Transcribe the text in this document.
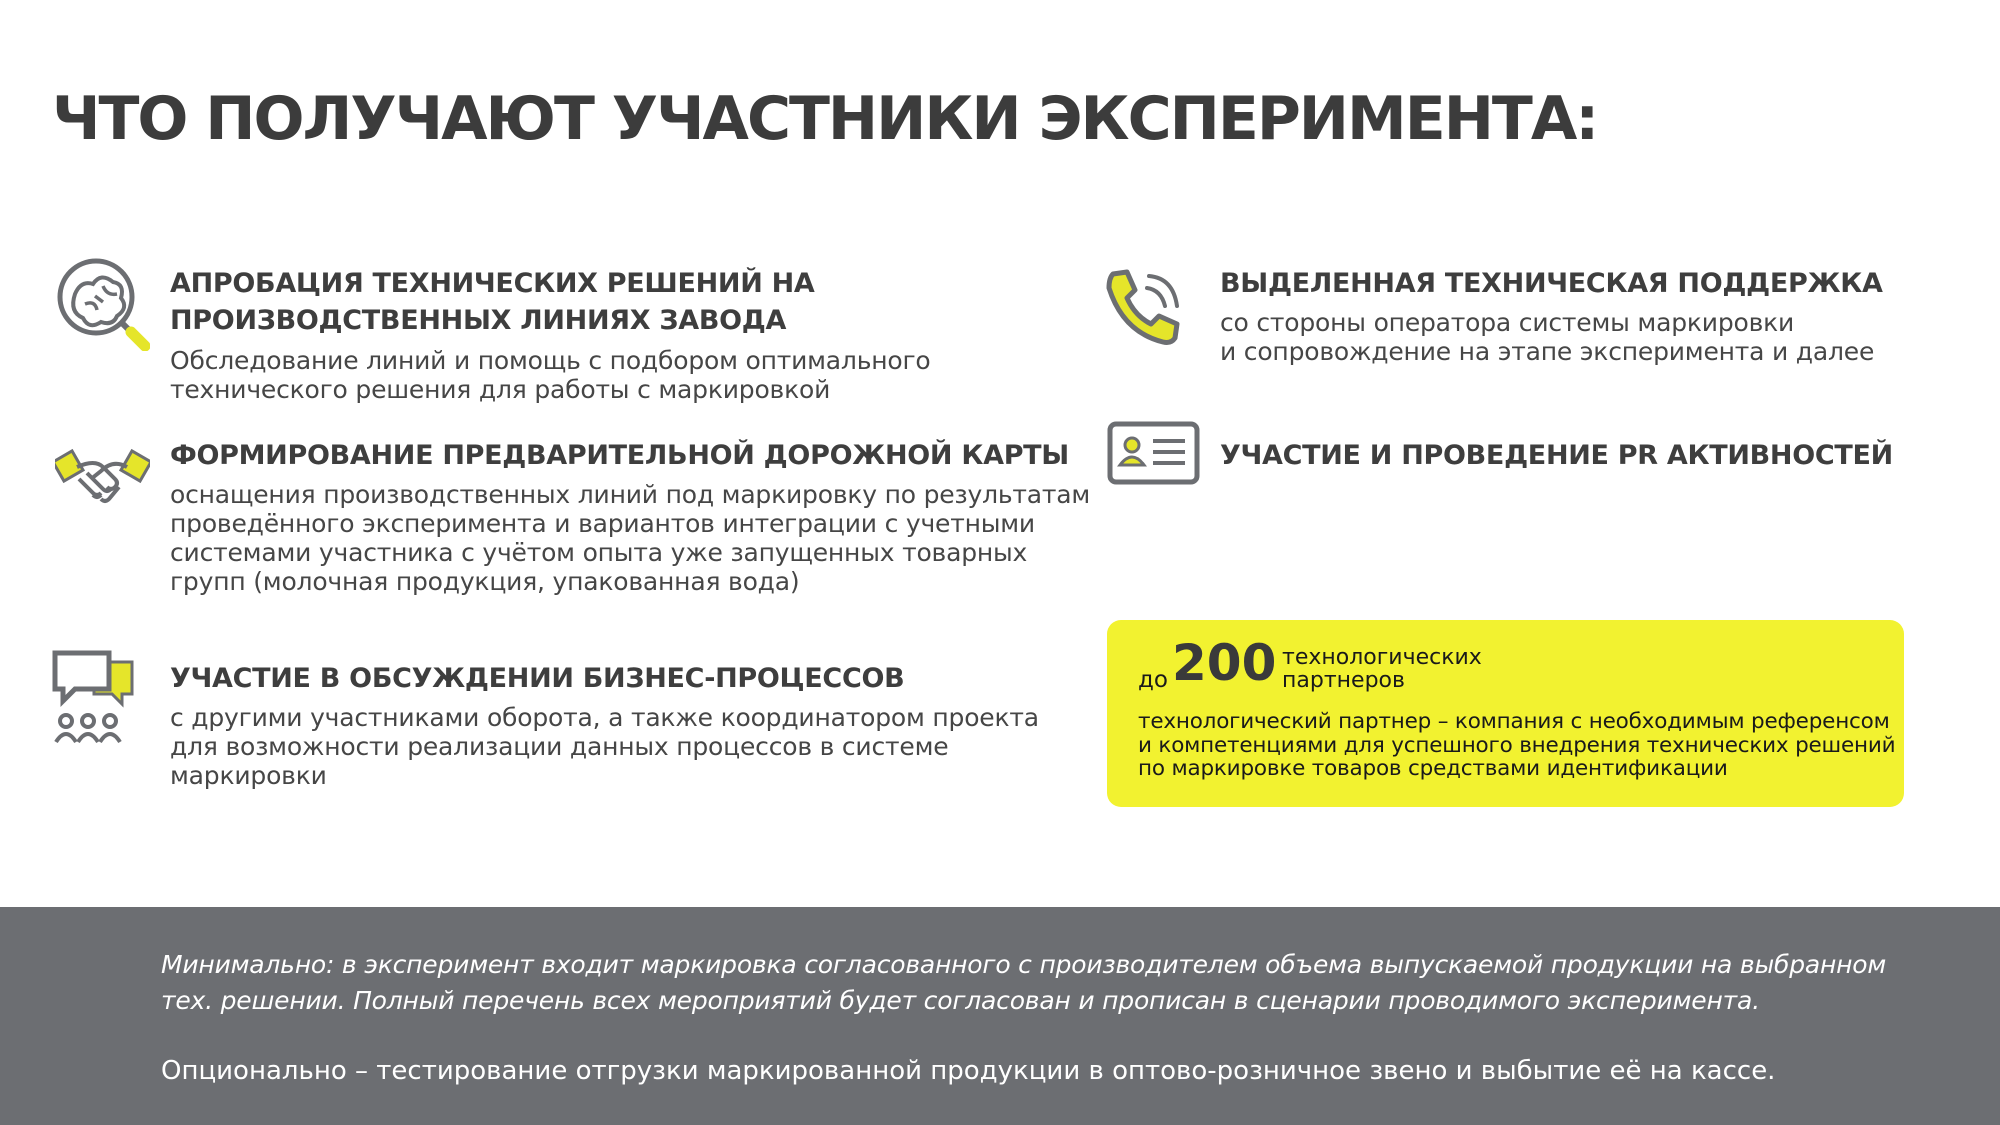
ЧТО ПОЛУЧАЮТ УЧАСТНИКИ ЭКСПЕРИМЕНТА:

АПРОБАЦИЯ ТЕХНИЧЕСКИХ РЕШЕНИЙ НА

ПРОИЗВОДСТВЕННЫХ ЛИНИЯХ ЗАВОДА

Обследование линий и помощь с подбором оптимального

технического решения для работы с маркировкой

ФОРМИРОВАНИЕ ПРЕДВАРИТЕЛЬНОЙ ДОРОЖНОЙ КАРТЫ

оснащения производственных линий под маркировку по результатам

проведённого эксперимента и вариантов интеграции с учетными

системами участника с учётом опыта уже запущенных товарных

групп (молочная продукция, упакованная вода)

УЧАСТИЕ В ОБСУЖДЕНИИ БИЗНЕС-ПРОЦЕССОВ

с другими участниками оборота, а также координатором проекта

для возможности реализации данных процессов в системе

маркировки

ВЫДЕЛЕННАЯ ТЕХНИЧЕСКАЯ ПОДДЕРЖКА

со стороны оператора системы маркировки

и сопровождение на этапе эксперимента и далее

УЧАСТИЕ И ПРОВЕДЕНИЕ PR АКТИВНОСТЕЙ

до 200 технологических
партнеров
технологический партнер – компания с необходимым референсом
и компетенциями для успешного внедрения технических решений
по маркировке товаров средствами идентификации
Минимально: в эксперимент входит маркировка согласованного с производителем объема выпускаемой продукции на выбранном
тех. решении. Полный перечень всех мероприятий будет согласован и прописан в сценарии проводимого эксперимента.

Опционально – тестирование отгрузки маркированной продукции в оптово-розничное звено и выбытие её на кассе.
